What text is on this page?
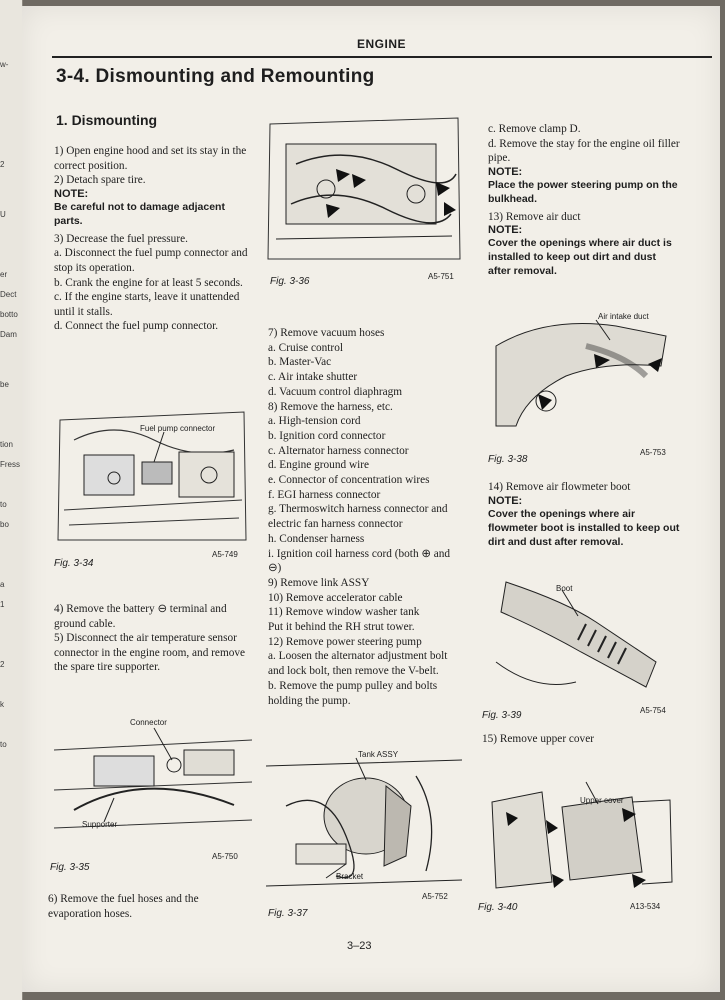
w-
2
U
er
Dect
botto
Dam
be
tion
Fress
to
bo
a
1
2
k
to
ENGINE
3-4. Dismounting and Remounting
1. Dismounting

1) Open engine hood and set its stay in the correct position.

2) Detach spare tire.

NOTE:

Be careful not to damage adjacent parts.

3) Decrease the fuel pressure.

a. Disconnect the fuel pump connector and stop its operation.

b. Crank the engine for at least 5 seconds.

c. If the engine starts, leave it unattended until it stalls.

d. Connect the fuel pump connector.

Fuel pump connector
Fig. 3-34
A5-749

4) Remove the battery ⊖ terminal and ground cable.

5) Disconnect the air temperature sensor connector in the engine room, and remove the spare tire supporter.

Connector
Supporter
Fig. 3-35
A5-750

6) Remove the fuel hoses and the evaporation hoses.

Fig. 3-36	A5-751

7) Remove vacuum hoses

a. Cruise control

b. Master-Vac

c. Air intake shutter

d. Vacuum control diaphragm

8) Remove the harness, etc.

a. High-tension cord

b. Ignition cord connector

c. Alternator harness connector

d. Engine ground wire

e. Connector of concentration wires

f. EGI harness connector

g. Thermoswitch harness connector and electric fan harness connector

h. Condenser harness

i. Ignition coil harness cord (both ⊕ and ⊖)

9) Remove link ASSY

10) Remove accelerator cable

11) Remove window washer tank

Put it behind the RH strut tower.

12) Remove power steering pump

a. Loosen the alternator adjustment bolt and lock bolt, then remove the V-belt.

b. Remove the pump pulley and bolts holding the pump.

Tank ASSY
Bracket
Fig. 3-37
A5-752

c. Remove clamp D.

d. Remove the stay for the engine oil filler pipe.

NOTE:

Place the power steering pump on the bulkhead.

13) Remove air duct

NOTE:

Cover the openings where air duct is installed to keep out dirt and dust after removal.

Air intake duct
Fig. 3-38
A5-753

14) Remove air flowmeter boot

NOTE:

Cover the openings where air flowmeter boot is installed to keep out dirt and dust after removal.

Boot
Fig. 3-39	A5-754

15) Remove upper cover

Upper cover
Fig. 3-40	A13-534
3–23
